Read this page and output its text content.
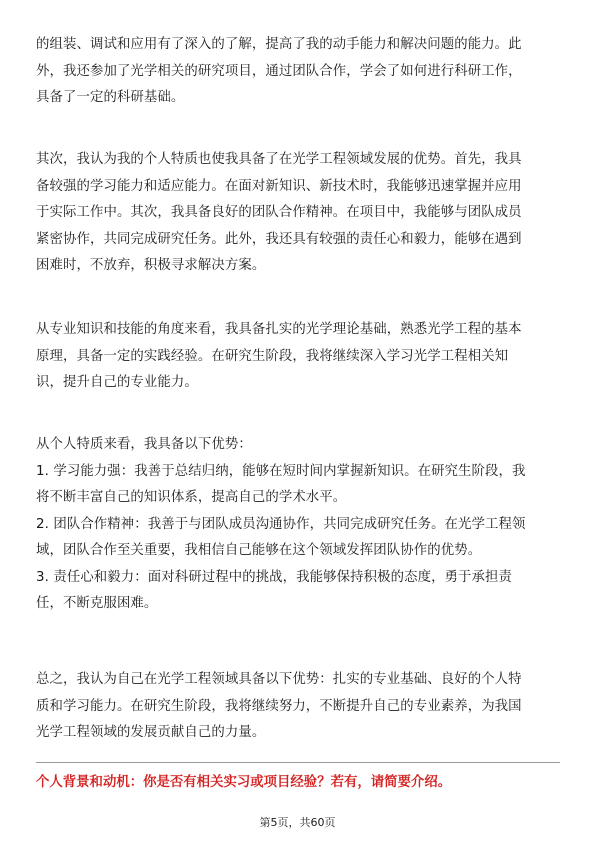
的组装、调试和应用有了深入的了解，提高了我的动手能力和解决问题的能力。此
外，我还参加了光学相关的研究项目，通过团队合作，学会了如何进行科研工作，
具备了一定的科研基础。
其次，我认为我的个人特质也使我具备了在光学工程领域发展的优势。首先，我具
备较强的学习能力和适应能力。在面对新知识、新技术时，我能够迅速掌握并应用
于实际工作中。其次，我具备良好的团队合作精神。在项目中，我能够与团队成员
紧密协作，共同完成研究任务。此外，我还具有较强的责任心和毅力，能够在遇到
困难时，不放弃，积极寻求解决方案。
从专业知识和技能的角度来看，我具备扎实的光学理论基础，熟悉光学工程的基本
原理，具备一定的实践经验。在研究生阶段，我将继续深入学习光学工程相关知
识，提升自己的专业能力。
从个人特质来看，我具备以下优势：
1. 学习能力强：我善于总结归纳，能够在短时间内掌握新知识。在研究生阶段，我
将不断丰富自己的知识体系，提高自己的学术水平。
2. 团队合作精神：我善于与团队成员沟通协作，共同完成研究任务。在光学工程领
域，团队合作至关重要，我相信自己能够在这个领域发挥团队协作的优势。
3. 责任心和毅力：面对科研过程中的挑战，我能够保持积极的态度，勇于承担责
任，不断克服困难。
总之，我认为自己在光学工程领域具备以下优势：扎实的专业基础、良好的个人特
质和学习能力。在研究生阶段，我将继续努力，不断提升自己的专业素养，为我国
光学工程领域的发展贡献自己的力量。
个人背景和动机：你是否有相关实习或项目经验？若有，请简要介绍。
第5页，共60页
